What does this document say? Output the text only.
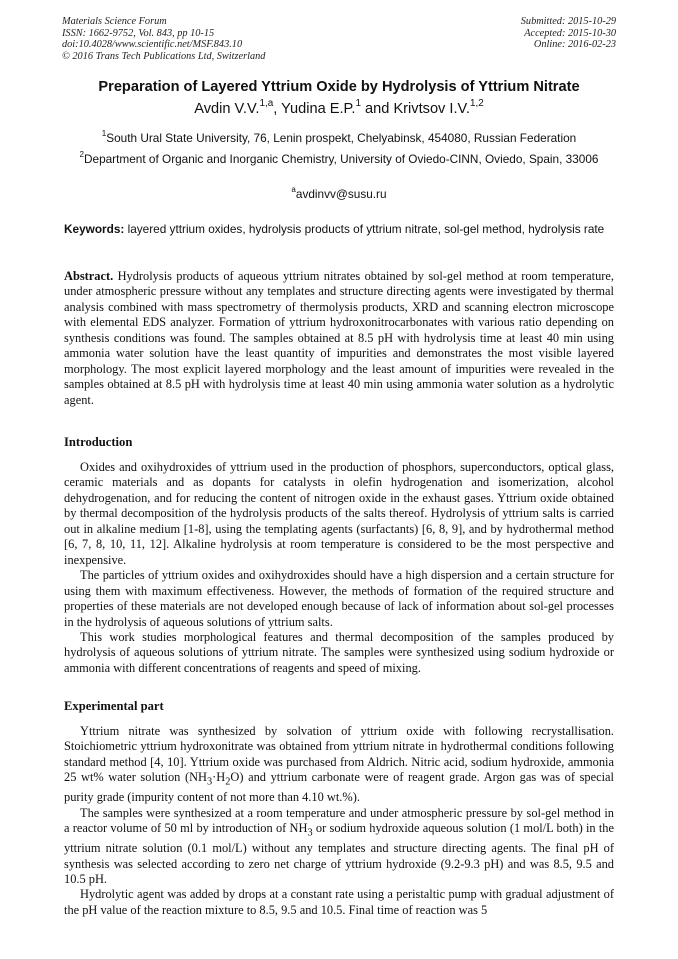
Materials Science Forum
ISSN: 1662-9752, Vol. 843, pp 10-15
doi:10.4028/www.scientific.net/MSF.843.10
© 2016 Trans Tech Publications Ltd, Switzerland
Submitted: 2015-10-29
Accepted: 2015-10-30
Online: 2016-02-23
Preparation of Layered Yttrium Oxide by Hydrolysis of Yttrium Nitrate
Avdin V.V.$^{1,a}$, Yudina E.P.$^1$ and Krivtsov I.V.$^{1,2}$
$^1$South Ural State University, 76, Lenin prospekt, Chelyabinsk, 454080, Russian Federation
$^2$Department of Organic and Inorganic Chemistry, University of Oviedo-CINN, Oviedo, Spain, 33006
$^a$avdinvv@susu.ru
Keywords: layered yttrium oxides, hydrolysis products of yttrium nitrate, sol-gel method, hydrolysis rate

Abstract. Hydrolysis products of aqueous yttrium nitrates obtained by sol-gel method at room temperature, under atmospheric pressure without any templates and structure directing agents were investigated by thermal analysis combined with mass spectrometry of thermolysis products, XRD and scanning electron microscope with elemental EDS analyzer. Formation of yttrium hydroxonitrocarbonates with various ratio depending on synthesis conditions was found. The samples obtained at 8.5 pH with hydrolysis time at least 40 min using ammonia water solution have the least quantity of impurities and demonstrates the most visible layered morphology. The most explicit layered morphology and the least amount of impurities were revealed in the samples obtained at 8.5 pH with hydrolysis time at least 40 min using ammonia water solution as a hydrolytic agent.

Introduction

Oxides and oxihydroxides of yttrium used in the production of phosphors, superconductors, optical glass, ceramic materials and as dopants for catalysts in olefin hydrogenation and isomerization, alcohol dehydrogenation, and for reducing the content of nitrogen oxide in the exhaust gases. Yttrium oxide obtained by thermal decomposition of the hydrolysis products of the salts thereof. Hydrolysis of yttrium salts is carried out in alkaline medium [1-8], using the templating agents (surfactants) [6, 8, 9], and by hydrothermal method [6, 7, 8, 10, 11, 12]. Alkaline hydrolysis at room temperature is considered to be the most perspective and inexpensive.

The particles of yttrium oxides and oxihydroxides should have a high dispersion and a certain structure for using them with maximum effectiveness. However, the methods of formation of the required structure and properties of these materials are not developed enough because of lack of information about sol-gel processes in the hydrolysis of aqueous solutions of yttrium salts.

This work studies morphological features and thermal decomposition of the samples produced by hydrolysis of aqueous solutions of yttrium nitrate. The samples were synthesized using sodium hydroxide or ammonia with different concentrations of reagents and speed of mixing.

Experimental part

Yttrium nitrate was synthesized by solvation of yttrium oxide with following recrystallisation. Stoichiometric yttrium hydroxonitrate was obtained from yttrium nitrate in hydrothermal conditions following standard method [4, 10]. Yttrium oxide was purchased from Aldrich. Nitric acid, sodium hydroxide, ammonia 25 wt% water solution $(NH_3\cdot H_2O)$ and yttrium carbonate were of reagent grade. Argon gas was of special purity grade (impurity content of not more than 4.10 wt.%).

The samples were synthesized at a room temperature and under atmospheric pressure by sol-gel method in a reactor volume of 50 ml by introduction of $NH_3$ or sodium hydroxide aqueous solution (1 mol/L both) in the yttrium nitrate solution (0.1 mol/L) without any templates and structure directing agents. The final pH of synthesis was selected according to zero net charge of yttrium hydroxide (9.2-9.3 pH) and was 8.5, 9.5 and 10.5 pH.

Hydrolytic agent was added by drops at a constant rate using a peristaltic pump with gradual adjustment of the pH value of the reaction mixture to 8.5, 9.5 and 10.5. Final time of reaction was 5
